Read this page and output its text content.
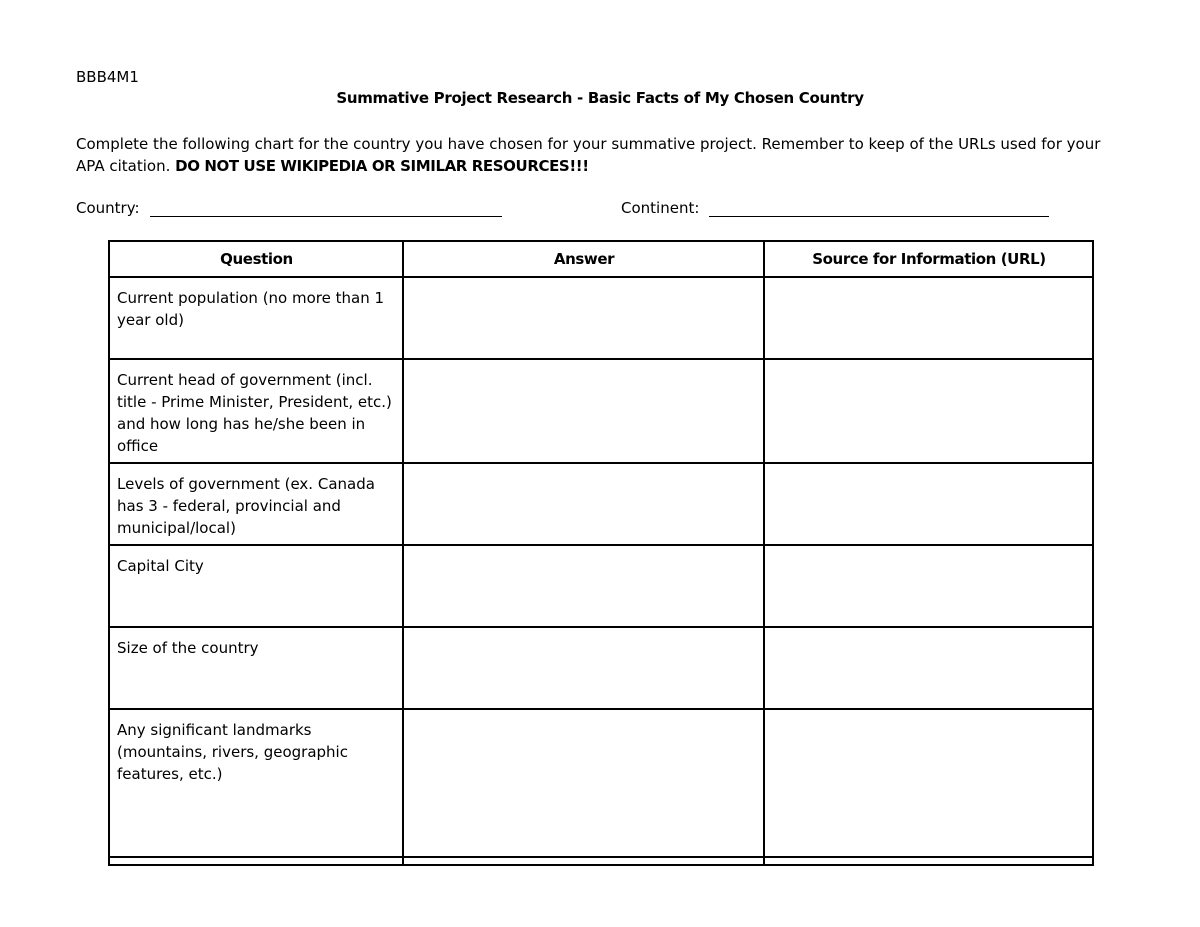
BBB4M1
Summative Project Research - Basic Facts of My Chosen Country
Complete the following chart for the country you have chosen for your summative project. Remember to keep of the URLs used for your APA citation. DO NOT USE WIKIPEDIA OR SIMILAR RESOURCES!!!
Country:	Continent:
Question	Answer	Source for Information (URL)
Current population (no more than 1 year old)		
Current head of government (incl. title - Prime Minister, President, etc.) and how long has he/she been in office		
Levels of government (ex. Canada has 3 - federal, provincial and municipal/local)		
Capital City		
Size of the country		
Any significant landmarks (mountains, rivers, geographic features, etc.)		
